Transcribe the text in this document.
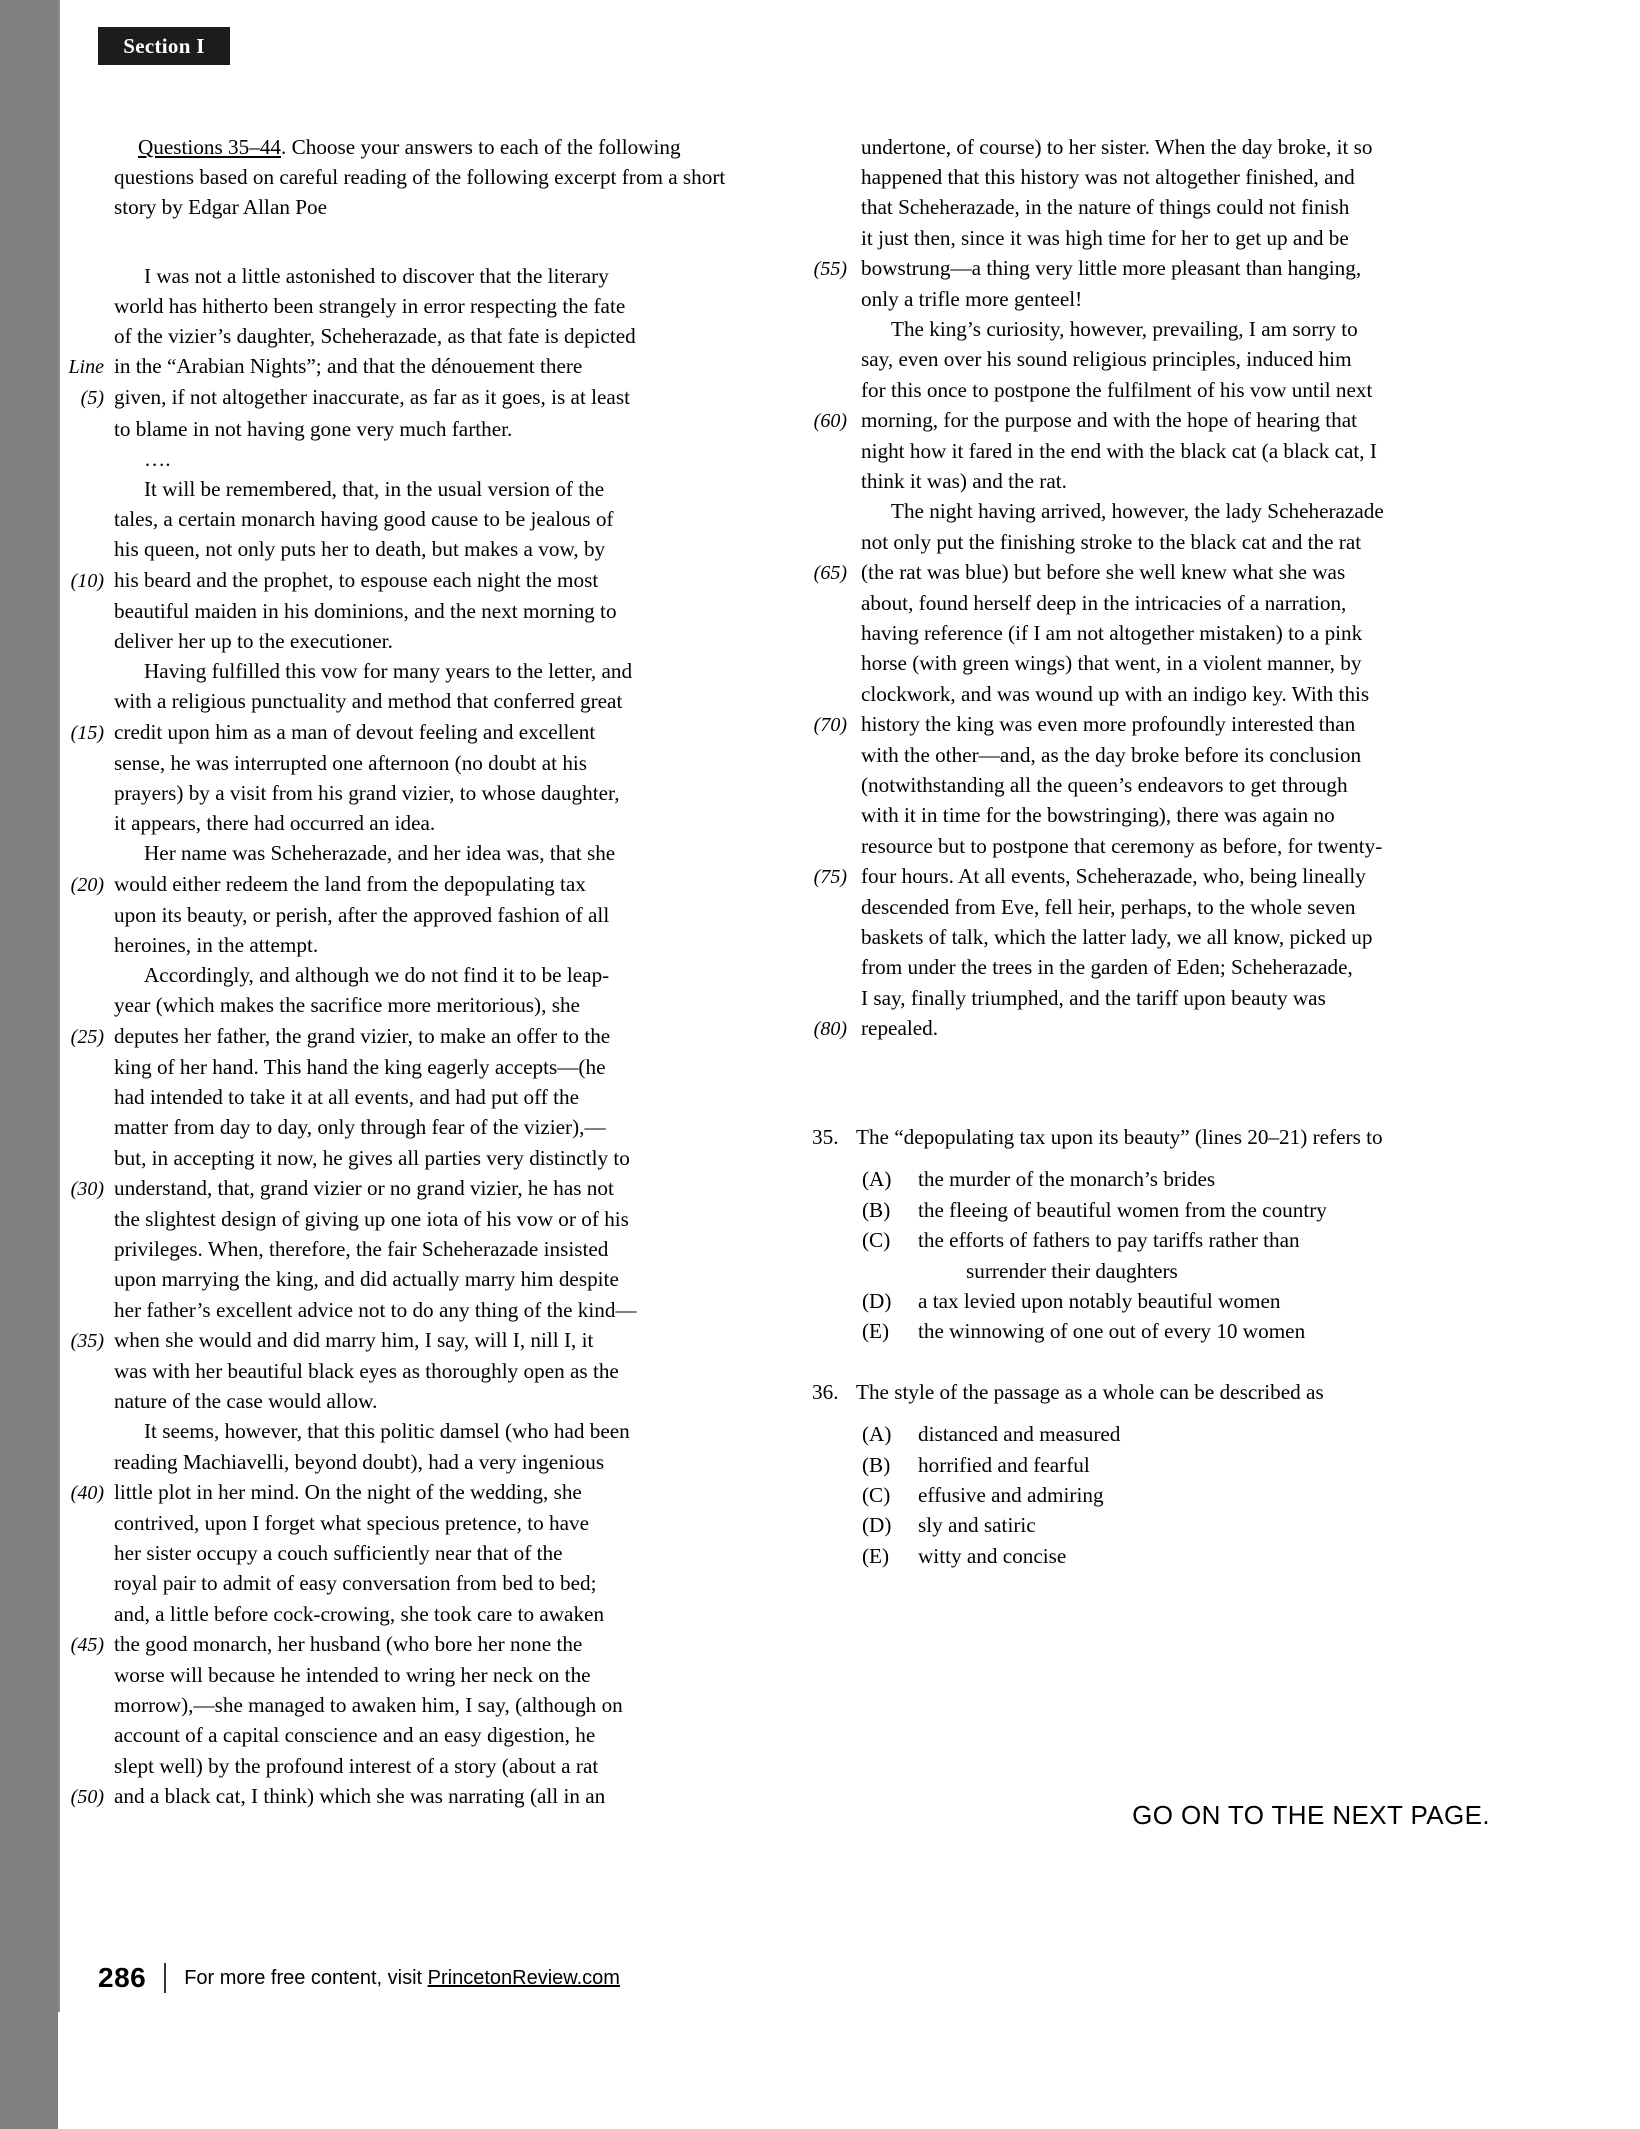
Section I

Questions 35–44. Choose your answers to each of the following questions based on careful reading of the following excerpt from a short story by Edgar Allan Poe

I was not a little astonished to discover that the literary
world has hitherto been strangely in error respecting the fate
of the vizier’s daughter, Scheherazade, as that fate is depicted
Line in the “Arabian Nights”; and that the dénouement there
(5) given, if not altogether inaccurate, as far as it goes, is at least
to blame in not having gone very much farther.
….
It will be remembered, that, in the usual version of the
tales, a certain monarch having good cause to be jealous of
his queen, not only puts her to death, but makes a vow, by
(10) his beard and the prophet, to espouse each night the most
beautiful maiden in his dominions, and the next morning to
deliver her up to the executioner.
Having fulfilled this vow for many years to the letter, and
with a religious punctuality and method that conferred great
(15) credit upon him as a man of devout feeling and excellent
sense, he was interrupted one afternoon (no doubt at his
prayers) by a visit from his grand vizier, to whose daughter,
it appears, there had occurred an idea.
Her name was Scheherazade, and her idea was, that she
(20) would either redeem the land from the depopulating tax
upon its beauty, or perish, after the approved fashion of all
heroines, in the attempt.
Accordingly, and although we do not find it to be leap-
year (which makes the sacrifice more meritorious), she
(25) deputes her father, the grand vizier, to make an offer to the
king of her hand. This hand the king eagerly accepts—(he
had intended to take it at all events, and had put off the
matter from day to day, only through fear of the vizier),—
but, in accepting it now, he gives all parties very distinctly to
(30) understand, that, grand vizier or no grand vizier, he has not
the slightest design of giving up one iota of his vow or of his
privileges. When, therefore, the fair Scheherazade insisted
upon marrying the king, and did actually marry him despite
her father’s excellent advice not to do any thing of the kind—
(35) when she would and did marry him, I say, will I, nill I, it
was with her beautiful black eyes as thoroughly open as the
nature of the case would allow.
It seems, however, that this politic damsel (who had been
reading Machiavelli, beyond doubt), had a very ingenious
(40) little plot in her mind. On the night of the wedding, she
contrived, upon I forget what specious pretence, to have
her sister occupy a couch sufficiently near that of the
royal pair to admit of easy conversation from bed to bed;
and, a little before cock-crowing, she took care to awaken
(45) the good monarch, her husband (who bore her none the
worse will because he intended to wring her neck on the
morrow),—she managed to awaken him, I say, (although on
account of a capital conscience and an easy digestion, he
slept well) by the profound interest of a story (about a rat
(50) and a black cat, I think) which she was narrating (all in an
undertone, of course) to her sister. When the day broke, it so
happened that this history was not altogether finished, and
that Scheherazade, in the nature of things could not finish
it just then, since it was high time for her to get up and be
(55) bowstrung—a thing very little more pleasant than hanging,
only a trifle more genteel!
The king’s curiosity, however, prevailing, I am sorry to
say, even over his sound religious principles, induced him
for this once to postpone the fulfilment of his vow until next
(60) morning, for the purpose and with the hope of hearing that
night how it fared in the end with the black cat (a black cat, I
think it was) and the rat.
The night having arrived, however, the lady Scheherazade
not only put the finishing stroke to the black cat and the rat
(65) (the rat was blue) but before she well knew what she was
about, found herself deep in the intricacies of a narration,
having reference (if I am not altogether mistaken) to a pink
horse (with green wings) that went, in a violent manner, by
clockwork, and was wound up with an indigo key. With this
(70) history the king was even more profoundly interested than
with the other—and, as the day broke before its conclusion
(notwithstanding all the queen’s endeavors to get through
with it in time for the bowstringing), there was again no
resource but to postpone that ceremony as before, for twenty-
(75) four hours. At all events, Scheherazade, who, being lineally
descended from Eve, fell heir, perhaps, to the whole seven
baskets of talk, which the latter lady, we all know, picked up
from under the trees in the garden of Eden; Scheherazade,
I say, finally triumphed, and the tariff upon beauty was
(80) repealed.
35. The “depopulating tax upon its beauty” (lines 20–21) refers to
(A)	the murder of the monarch’s brides
(B)	the fleeing of beautiful women from the country
(C)	the efforts of fathers to pay tariffs rather than
surrender their daughters
(D)	a tax levied upon notably beautiful women
(E)	the winnowing of one out of every 10 women
36. The style of the passage as a whole can be described as
(A)	distanced and measured
(B)	horrified and fearful
(C)	effusive and admiring
(D)	sly and satiric
(E)	witty and concise
GO ON TO THE NEXT PAGE.
286 For more free content, visit PrincetonReview.com
